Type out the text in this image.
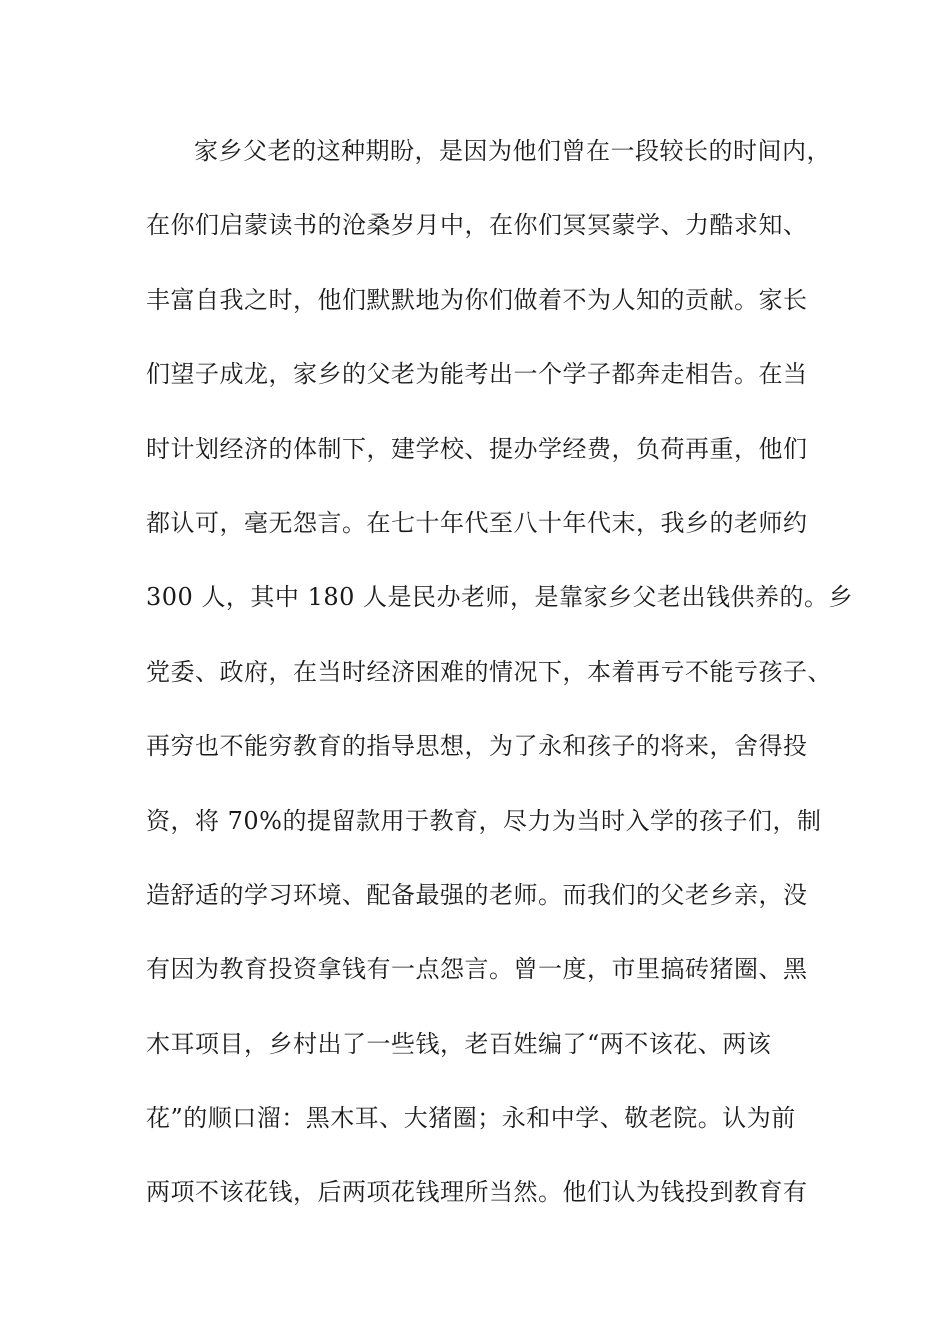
家乡父老的这种期盼，是因为他们曾在一段较长的时间内，
在你们启蒙读书的沧桑岁月中，在你们冥冥蒙学、力酷求知、
丰富自我之时，他们默默地为你们做着不为人知的贡献。家长
们望子成龙，家乡的父老为能考出一个学子都奔走相告。在当
时计划经济的体制下，建学校、提办学经费，负荷再重，他们
都认可，毫无怨言。在七十年代至八十年代末，我乡的老师约
300 人，其中 180 人是民办老师，是靠家乡父老出钱供养的。乡
党委、政府，在当时经济困难的情况下，本着再亏不能亏孩子、
再穷也不能穷教育的指导思想，为了永和孩子的将来，舍得投
资，将 70%的提留款用于教育，尽力为当时入学的孩子们，制
造舒适的学习环境、配备最强的老师。而我们的父老乡亲，没
有因为教育投资拿钱有一点怨言。曾一度，市里搞砖猪圈、黑
木耳项目，乡村出了一些钱，老百姓编了“两不该花、两该
花”的顺口溜：黑木耳、大猪圈；永和中学、敬老院。认为前
两项不该花钱，后两项花钱理所当然。他们认为钱投到教育有
